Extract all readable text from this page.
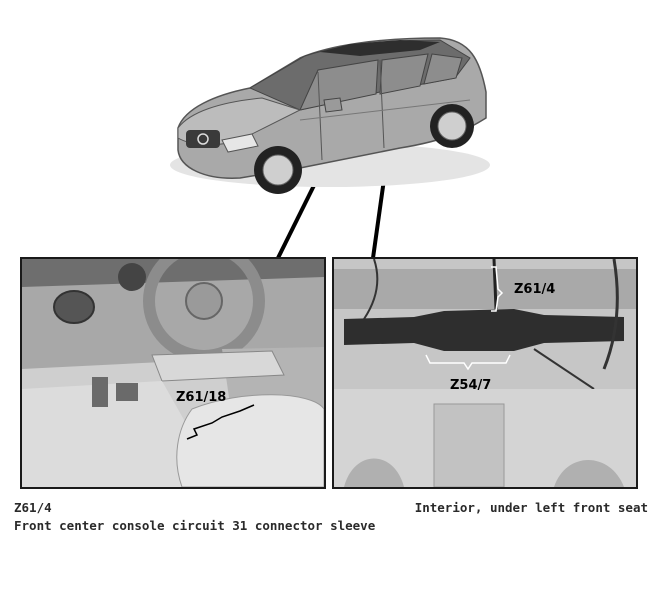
Z61/18
Z61/4
Z54/7
Z61/4
Front center console circuit 31 connector sleeve
Interior, under left front seat
